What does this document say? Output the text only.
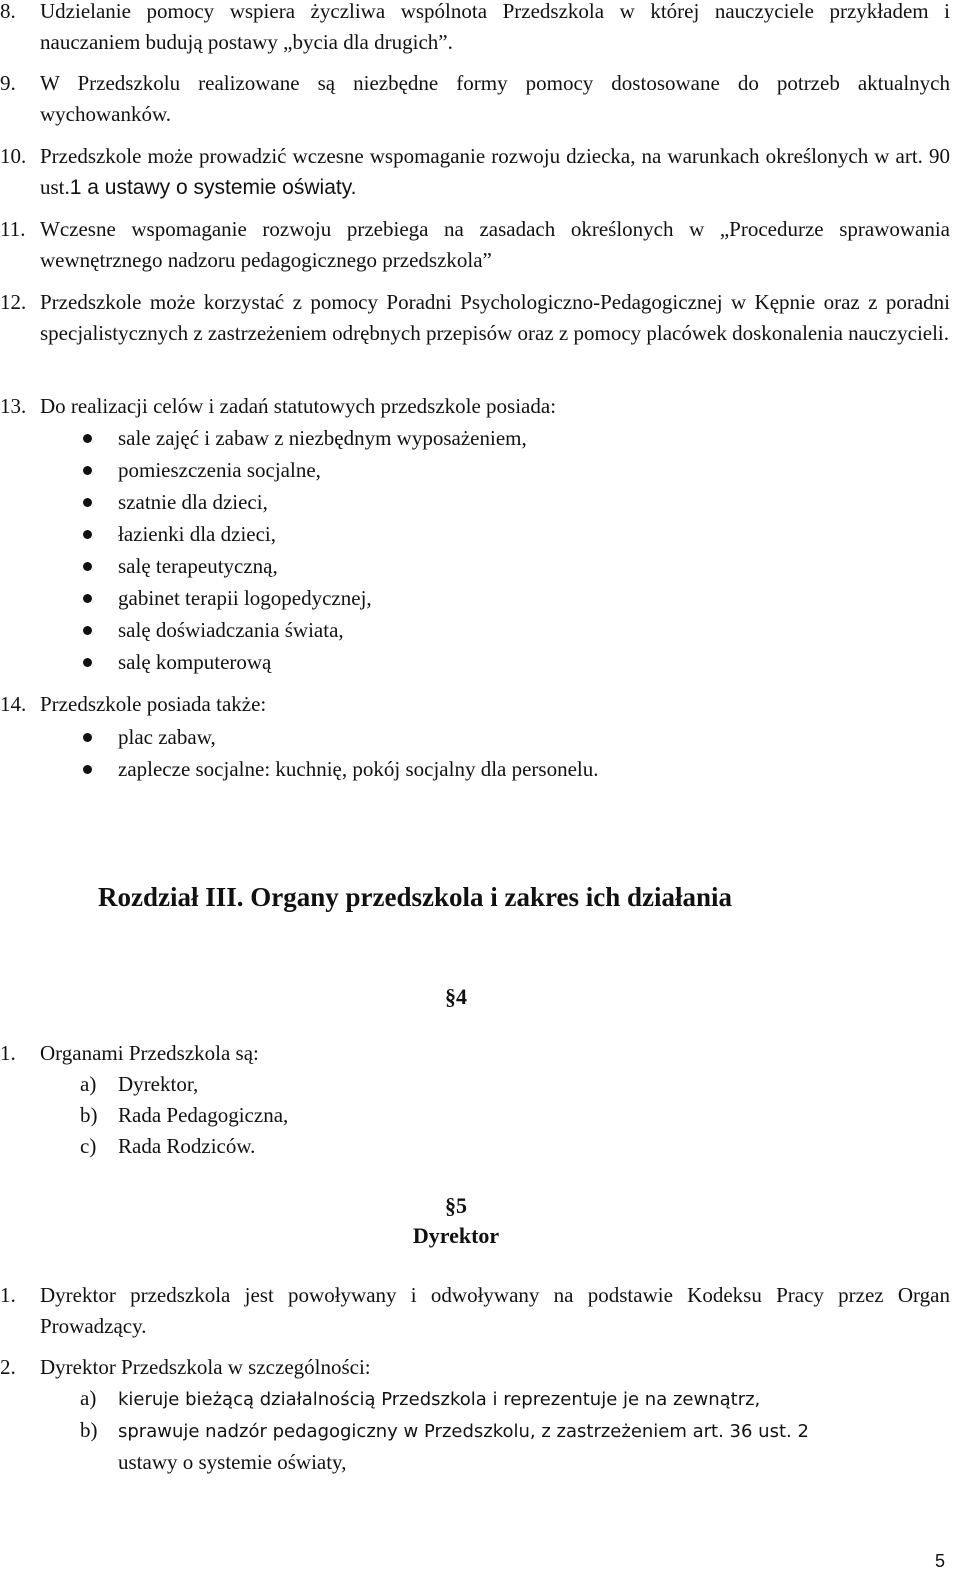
8. Udzielanie pomocy wspiera życzliwa wspólnota Przedszkola w której nauczyciele przykładem i nauczaniem budują postawy „bycia dla drugich”.
9. W Przedszkolu realizowane są niezbędne formy pomocy dostosowane do potrzeb aktualnych wychowanków.
10. Przedszkole może prowadzić wczesne wspomaganie rozwoju dziecka, na warunkach określonych w art. 90 ust.1 a ustawy o systemie oświaty.
11. Wczesne wspomaganie rozwoju przebiega na zasadach określonych w „Procedurze sprawowania wewnętrznego nadzoru pedagogicznego przedszkola”
12. Przedszkole może korzystać z pomocy Poradni Psychologiczno-Pedagogicznej w Kępnie oraz z poradni specjalistycznych z zastrzeżeniem odrębnych przepisów oraz z pomocy placówek doskonalenia nauczycieli.
13. Do realizacji celów i zadań statutowych przedszkole posiada:
sale zajęć i zabaw z niezbędnym wyposażeniem,
pomieszczenia socjalne,
szatnie dla dzieci,
łazienki dla dzieci,
salę terapeutyczną,
gabinet terapii logopedycznej,
salę doświadczania świata,
salę komputerową
14. Przedszkole posiada także:
plac zabaw,
zaplecze socjalne: kuchnię, pokój socjalny dla personelu.
Rozdział III. Organy przedszkola i zakres ich działania
§4
1. Organami Przedszkola są:
a) Dyrektor,
b) Rada Pedagogiczna,
c) Rada Rodziców.
§5
Dyrektor
1. Dyrektor przedszkola jest powoływany i odwoływany na podstawie Kodeksu Pracy przez Organ Prowadzący.
2. Dyrektor Przedszkola w szczególności:
a) kieruje bieżącą działalnością Przedszkola i reprezentuje je na zewnątrz,
b) sprawuje nadzór pedagogiczny w Przedszkolu, z zastrzeżeniem art. 36 ust. 2
ustawy o systemie oświaty,
5
